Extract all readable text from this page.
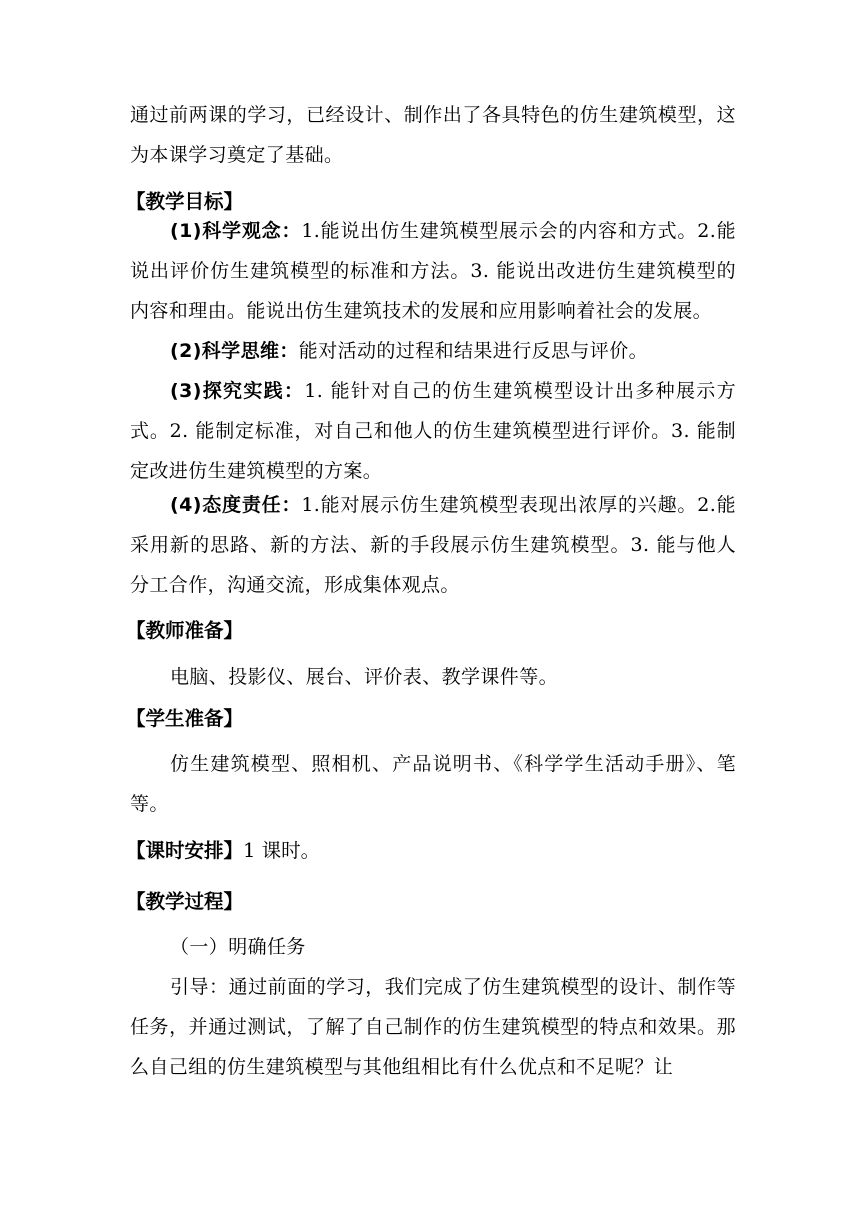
通过前两课的学习，已经设计、制作出了各具特色的仿生建筑模型，这为本课学习奠定了基础。
【教学目标】
(1)科学观念：1.能说出仿生建筑模型展示会的内容和方式。2.能说出评价仿生建筑模型的标准和方法。3. 能说出改进仿生建筑模型的内容和理由。能说出仿生建筑技术的发展和应用影响着社会的发展。
(2)科学思维：能对活动的过程和结果进行反思与评价。
(3)探究实践：1. 能针对自己的仿生建筑模型设计出多种展示方式。2. 能制定标准，对自己和他人的仿生建筑模型进行评价。3. 能制定改进仿生建筑模型的方案。
(4)态度责任：1.能对展示仿生建筑模型表现出浓厚的兴趣。2.能采用新的思路、新的方法、新的手段展示仿生建筑模型。3. 能与他人分工合作，沟通交流，形成集体观点。
【教师准备】
电脑、投影仪、展台、评价表、教学课件等。
【学生准备】
仿生建筑模型、照相机、产品说明书、《科学学生活动手册》、笔等。
【课时安排】1 课时。
【教学过程】
（一）明确任务
引导：通过前面的学习，我们完成了仿生建筑模型的设计、制作等任务，并通过测试，了解了自己制作的仿生建筑模型的特点和效果。那么自己组的仿生建筑模型与其他组相比有什么优点和不足呢？让
